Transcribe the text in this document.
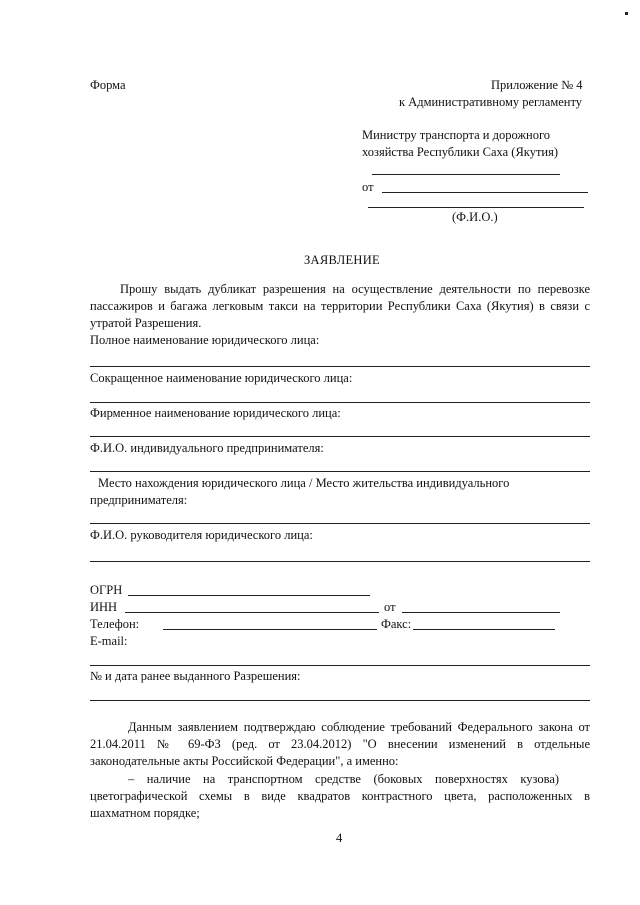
Форма	Приложение № 4
к Административному регламенту
Министру транспорта и дорожного
хозяйства Республики Саха (Якутия)
от
(Ф.И.О.)
ЗАЯВЛЕНИЕ
Прошу выдать дубликат разрешения на осуществление деятельности по перевозке
пассажиров и багажа легковым такси на территории Республики Саха (Якутия) в связи с
утратой Разрешения.
Полное наименование юридического лица:
Сокращенное наименование юридического лица:
Фирменное наименование юридического лица:
Ф.И.О. индивидуального предпринимателя:
Место нахождения юридического лица / Место жительства индивидуального
предпринимателя:
Ф.И.О. руководителя юридического лица:
ОГРН
ИНН	от
Телефон:	Факс:
E-mail:
№ и дата ранее выданного Разрешения:
Данным заявлением подтверждаю соблюдение требований Федерального закона от
21.04.2011 № 69-ФЗ (ред. от 23.04.2012) "О внесении изменений в отдельные
законодательные акты Российской Федерации", а именно:
–    наличие    на    транспортном    средстве    (боковых    поверхностях    кузова)
цветографической схемы в виде квадратов контрастного цвета, расположенных в
шахматном порядке;
4
